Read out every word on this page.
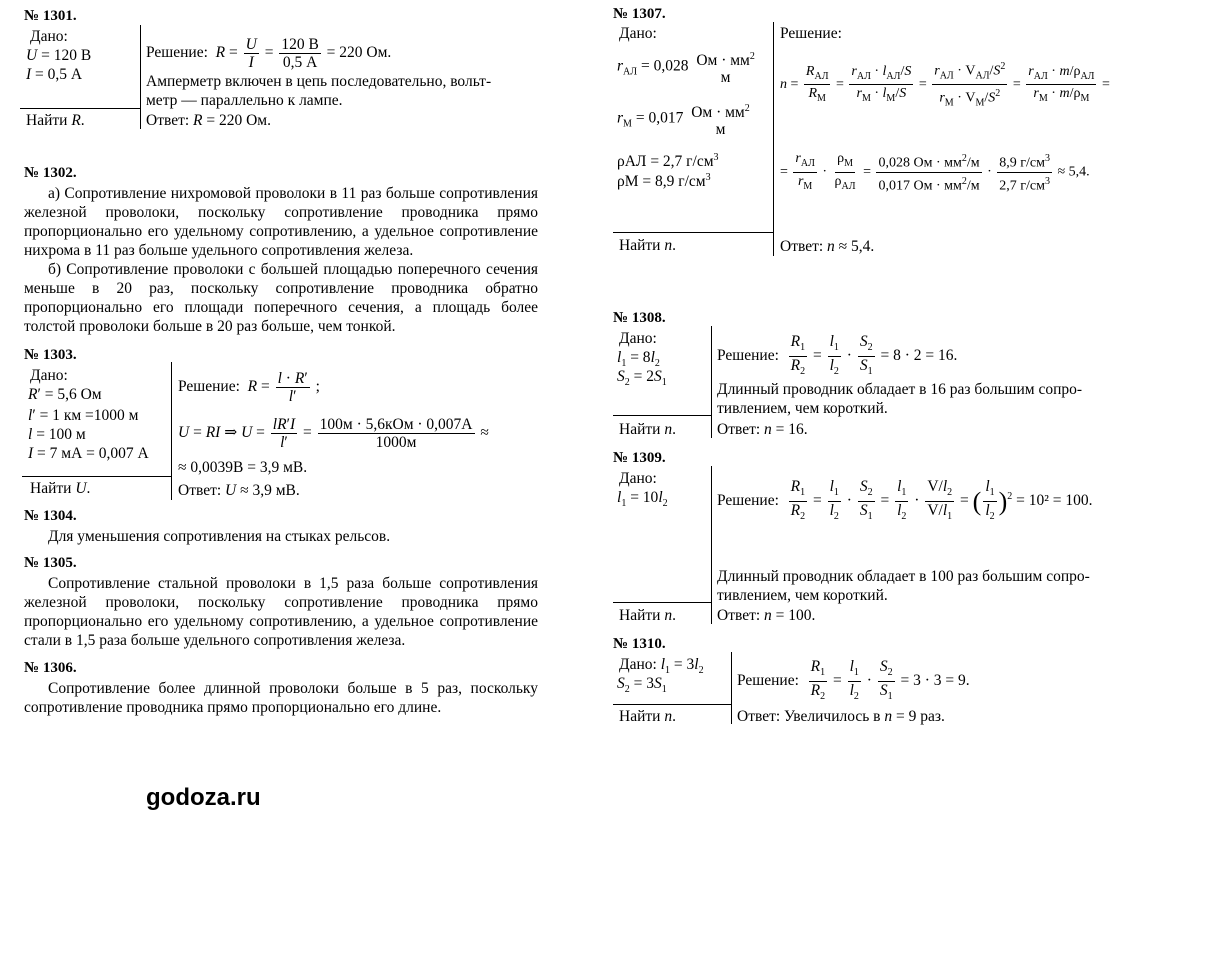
№ 1301.
Дано:
U = 120 В
I = 0,5 А
Найти R.
Решение: $R = \frac{U}{I} = \frac{120 В}{0,5 А} = 220$ Ом.
Амперметр включен в цепь последовательно, вольт-
метр — параллельно к лампе.
Ответ: R = 220 Ом.
№ 1302.
а) Сопротивление нихромовой проволоки в 11 раз больше сопротивления железной проволоки, поскольку сопротивление проводника прямо пропорционально его удельному сопротивлению, а удельное сопротивление нихрома в 11 раз больше удельного сопротивления железа.
б) Сопротивление проволоки с большей площадью поперечного сечения меньше в 20 раз, поскольку сопротивление проводника обратно пропорционально его площади поперечного сечения, а площадь более толстой проволоки больше в 20 раз больше, чем тонкой.
№ 1303.
Дано:
R′ = 5,6 Ом
l′ = 1 км =1000 м
l = 100 м
I = 7 мА = 0,007 А
Найти U.
Решение: $R = \frac{l \cdot R'}{l'}$ ;
U = RI ⇒ $U = \frac{lR'I}{l'} = \frac{\text{100м · 5,6кОм · 0,007А}}{1000м}$ ≈
≈ 0,0039В = 3,9 мВ.
Ответ: U ≈ 3,9 мВ.
№ 1304.
Для уменьшения сопротивления на стыках рельсов.
№ 1305.
Сопротивление стальной проволоки в 1,5 раза больше сопротивления железной проволоки, поскольку сопротивление проводника прямо пропорционально его удельному сопротивлению, а удельное сопротивление стали в 1,5 раза больше удельного сопротивления железа.
№ 1306.
Сопротивление более длинной проволоки больше в 5 раз, поскольку сопротивление проводника прямо пропорционально его длине.
godoza.ru
№ 1307.
Дано:
$r_{АЛ} = 0,028$ Ом · $мм^2$
м
$r_М = 0,017$ Ом · $мм^2$
м
ρАЛ = 2,7 $г/см^3$
ρМ = 8,9 $г/см^3$
Найти n.
Решение:
$n = \frac{R_{АЛ}}{R_М} = \frac{r_{АЛ} \cdot l_{АЛ}/S}{r_М \cdot l_М/S} = \frac{r_{АЛ} \cdot V_{АЛ}/S^2}{r_М \cdot V_М/S^2} = \frac{r_{АЛ} \cdot m/\rho_{АЛ}}{r_М \cdot m/\rho_М}$ =
= $\frac{r_{АЛ}}{r_М} \cdot \frac{\rho_М}{\rho_{АЛ}} = \frac{0,028 Ом \cdot мм^2/м}{0,017 Ом \cdot мм^2/м} \cdot \frac{8,9 г/см^3}{2,7 г/см^3} \approx 5,4$.
Ответ: n ≈ 5,4.
№ 1308.
Дано:
$l_1 = 8l_2$
$S_2 = 2S_1$
Найти n.
Решение: $\frac{R_1}{R_2} = \frac{l_1}{l_2} \cdot \frac{S_2}{S_1} = 8 \cdot 2 = 16$.
Длинный проводник обладает в 16 раз большим сопро-
тивлением, чем короткий.
Ответ: n = 16.
№ 1309.
Дано:
$l_1 = 10l_2$
Найти n.
Решение: $\frac{R_1}{R_2} = \frac{l_1}{l_2} \cdot \frac{S_2}{S_1} = \frac{l_1}{l_2} \cdot \frac{V/l_2}{V/l_1}$ = ( $\frac{l_1}{l_2} )^2 = 10^2 = 100$.
Длинный проводник обладает в 100 раз большим сопро-
тивлением, чем короткий.
Ответ: n = 100.
№ 1310.
Дано: $l_1 = 3l_2$
$S_2 = 3S_1$
Найти n.
Решение: $\frac{R_1}{R_2} = \frac{l_1}{l_2} \cdot \frac{S_2}{S_1} = 3 \cdot 3 = 9$.
Ответ: Увеличилось в n = 9 раз.
